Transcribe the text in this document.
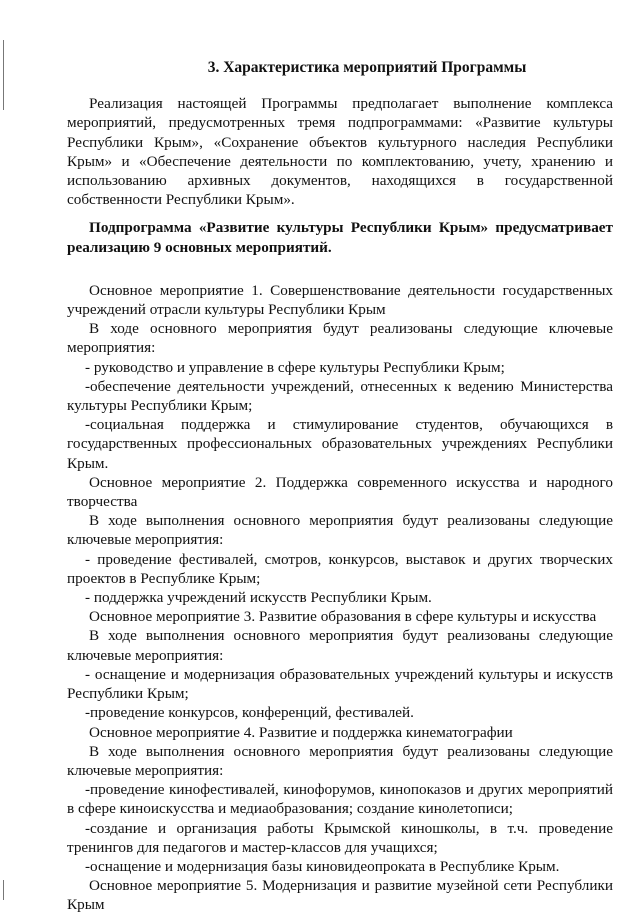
3. Характеристика мероприятий Программы

Реализация настоящей Программы предполагает выполнение комплекса мероприятий, предусмотренных тремя подпрограммами: «Развитие культуры Республики Крым», «Сохранение объектов культурного наследия Республики Крым» и «Обеспечение деятельности по комплектованию, учету, хранению и использованию архивных документов, находящихся в государственной собственности Республики Крым».

Подпрограмма «Развитие культуры Республики Крым» предусматривает реализацию 9 основных мероприятий.

Основное мероприятие 1. Совершенствование деятельности государственных учреждений отрасли культуры Республики Крым

В ходе основного мероприятия будут реализованы следующие ключевые мероприятия:

- руководство и управление в сфере культуры Республики Крым;

-обеспечение деятельности учреждений, отнесенных к ведению Министерства культуры Республики Крым;

-социальная поддержка и стимулирование студентов, обучающихся в государственных профессиональных образовательных учреждениях Республики Крым.

Основное мероприятие 2. Поддержка современного искусства и народного творчества

В ходе выполнения основного мероприятия будут реализованы следующие ключевые мероприятия:

- проведение фестивалей, смотров, конкурсов, выставок и других творческих проектов в Республике Крым;

- поддержка учреждений искусств Республики Крым.

Основное мероприятие 3. Развитие образования в сфере культуры и искусства

В ходе выполнения основного мероприятия будут реализованы следующие ключевые мероприятия:

- оснащение и модернизация образовательных учреждений культуры и искусств Республики Крым;

-проведение конкурсов, конференций, фестивалей.

Основное мероприятие 4. Развитие и поддержка кинематографии

В ходе выполнения основного мероприятия будут реализованы следующие ключевые мероприятия:

-проведение кинофестивалей, кинофорумов, кинопоказов и других мероприятий в сфере киноискусства и медиаобразования; создание кинолетописи;

-создание и организация работы Крымской киношколы, в т.ч. проведение тренингов для педагогов и мастер-классов для учащихся;

-оснащение и модернизация базы киновидеопроката в Республике Крым.

Основное мероприятие 5. Модернизация и развитие музейной сети Республики Крым
